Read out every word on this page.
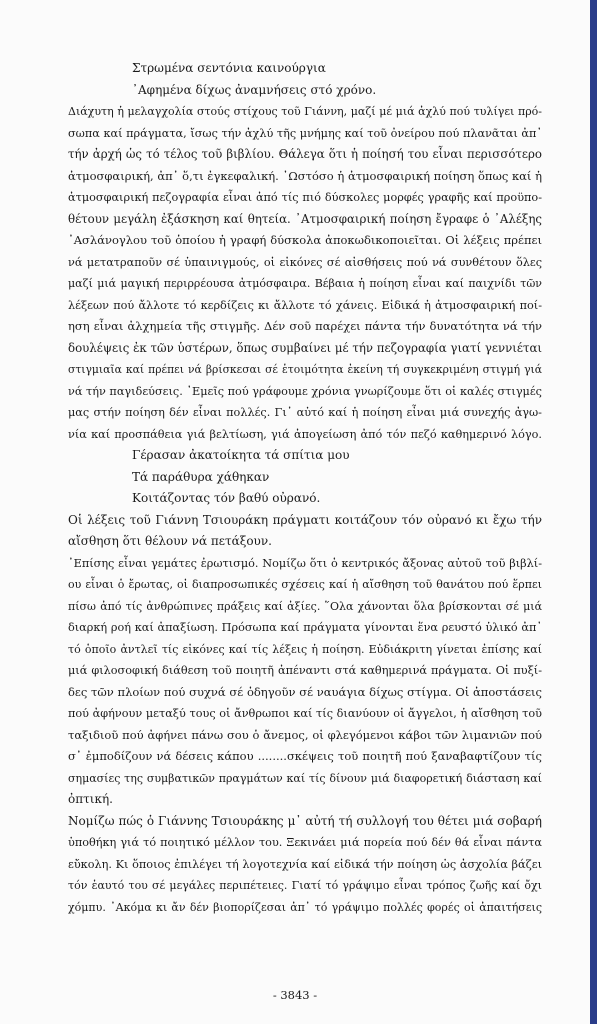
Στρωμένα σεντόνια καινούργια
᾽Αφημένα δίχως ἀναμνήσεις στό χρόνο.
Διάχυτη ἡ μελαγχολία στούς στίχους τοῦ Γιάννη, μαζί μέ μιά ἀχλύ πού τυλίγει πρό-
σωπα καί πράγματα, ἴσως τήν ἀχλύ τῆς μνήμης καί τοῦ ὀνείρου πού πλανᾶται ἀπ᾽
τήν ἀρχή ὡς τό τέλος τοῦ βιβλίου. Θάλεγα ὅτι ἡ ποίησή του εἶναι περισσότερο
ἀτμοσφαιρική, ἀπ᾽ ὅ,τι ἐγκεφαλική. ᾽Ωστόσο ἡ ἀτμοσφαιρική ποίηση ὅπως καί ἡ
ἀτμοσφαιρική πεζογραφία εἶναι ἀπό τίς πιό δύσκολες μορφές γραφῆς καί προϋπο-
θέτουν μεγάλη ἐξάσκηση καί θητεία. ᾽Ατμοσφαιρική ποίηση ἔγραφε ὁ ᾽Αλέξης
᾽Ασλάνογλου τοῦ ὁποίου ἡ γραφή δύσκολα ἀποκωδικοποιεῖται. Οἱ λέξεις πρέπει
νά μετατραποῦν σέ ὑπαινιγμούς, οἱ εἰκόνες σέ αἰσθήσεις πού νά συνθέτουν ὅλες
μαζί μιά μαγική περιρρέουσα ἀτμόσφαιρα. Βέβαια ἡ ποίηση εἶναι καί παιχνίδι τῶν
λέξεων πού ἄλλοτε τό κερδίζεις κι ἄλλοτε τό χάνεις. Εἰδικά ἡ ἀτμοσφαιρική ποί-
ηση εἶναι ἀλχημεία τῆς στιγμῆς. Δέν σοῦ παρέχει πάντα τήν δυνατότητα νά τήν
δουλέψεις ἐκ τῶν ὑστέρων, ὅπως συμβαίνει μέ τήν πεζογραφία γιατί γεννιέται
στιγμιαῖα καί πρέπει νά βρίσκεσαι σέ ἑτοιμότητα ἐκείνη τή συγκεκριμένη στιγμή γιά
νά τήν παγιδεύσεις. ᾽Εμεῖς πού γράφουμε χρόνια γνωρίζουμε ὅτι οἱ καλές στιγμές
μας στήν ποίηση δέν εἶναι πολλές. Γι᾽ αὐτό καί ἡ ποίηση εἶναι μιά συνεχής ἀγω-
νία καί προσπάθεια γιά βελτίωση, γιά ἀπογείωση ἀπό τόν πεζό καθημερινό λόγο.
Γέρασαν ἀκατοίκητα τά σπίτια μου
Τά παράθυρα χάθηκαν
Κοιτάζοντας τόν βαθύ οὐρανό.
Οἱ λέξεις τοῦ Γιάννη Τσιουράκη πράγματι κοιτάζουν τόν οὐρανό κι ἔχω τήν
αἴσθηση ὅτι θέλουν νά πετάξουν.
᾽Επίσης εἶναι γεμάτες ἐρωτισμό. Νομίζω ὅτι ὁ κεντρικός ἄξονας αὐτοῦ τοῦ βιβλί-
ου εἶναι ὁ ἔρωτας, οἱ διαπροσωπικές σχέσεις καί ἡ αἴσθηση τοῦ θανάτου πού ἕρπει
πίσω ἀπό τίς ἀνθρώπινες πράξεις καί ἀξίες. ῞Ολα χάνονται ὅλα βρίσκονται σέ μιά
διαρκή ροή καί ἀπαξίωση. Πρόσωπα καί πράγματα γίνονται ἕνα ρευστό ὑλικό ἀπ᾽
τό ὁποῖο ἀντλεῖ τίς εἰκόνες καί τίς λέξεις ἡ ποίηση. Εὐδιάκριτη γίνεται ἐπίσης καί
μιά φιλοσοφική διάθεση τοῦ ποιητῆ ἀπέναντι στά καθημερινά πράγματα. Οἱ πυξί-
δες τῶν πλοίων πού συχνά σέ ὁδηγοῦν σέ ναυάγια δίχως στίγμα. Οἱ ἀποστάσεις
πού ἀφήνουν μεταξύ τους οἱ ἄνθρωποι καί τίς διανύουν οἱ ἄγγελοι, ἡ αἴσθηση τοῦ
ταξιδιοῦ πού ἀφήνει πάνω σου ὁ ἄνεμος, οἱ φλεγόμενοι κάβοι τῶν λιμανιῶν πού
σ᾽ ἐμποδίζουν νά δέσεις κάπου ........σκέψεις τοῦ ποιητῆ πού ξαναβαφτίζουν τίς
σημασίες της συμβατικῶν πραγμάτων καί τίς δίνουν μιά διαφορετική διάσταση καί
ὀπτική.
Νομίζω πώς ὁ Γιάννης Τσιουράκης μ᾽ αὐτή τή συλλογή του θέτει μιά σοβαρή
ὑποθήκη γιά τό ποιητικό μέλλον του. Ξεκινάει μιά πορεία πού δέν θά εἶναι πάντα
εὔκολη. Κι ὅποιος ἐπιλέγει τή λογοτεχνία καί εἰδικά τήν ποίηση ὡς ἀσχολία βάζει
τόν ἑαυτό του σέ μεγάλες περιπέτειες. Γιατί τό γράψιμο εἶναι τρόπος ζωῆς καί ὄχι
χόμπυ. ᾽Ακόμα κι ἄν δέν βιοπορίζεσαι ἀπ᾽ τό γράψιμο πολλές φορές οἱ ἀπαιτήσεις
- 3843 -
